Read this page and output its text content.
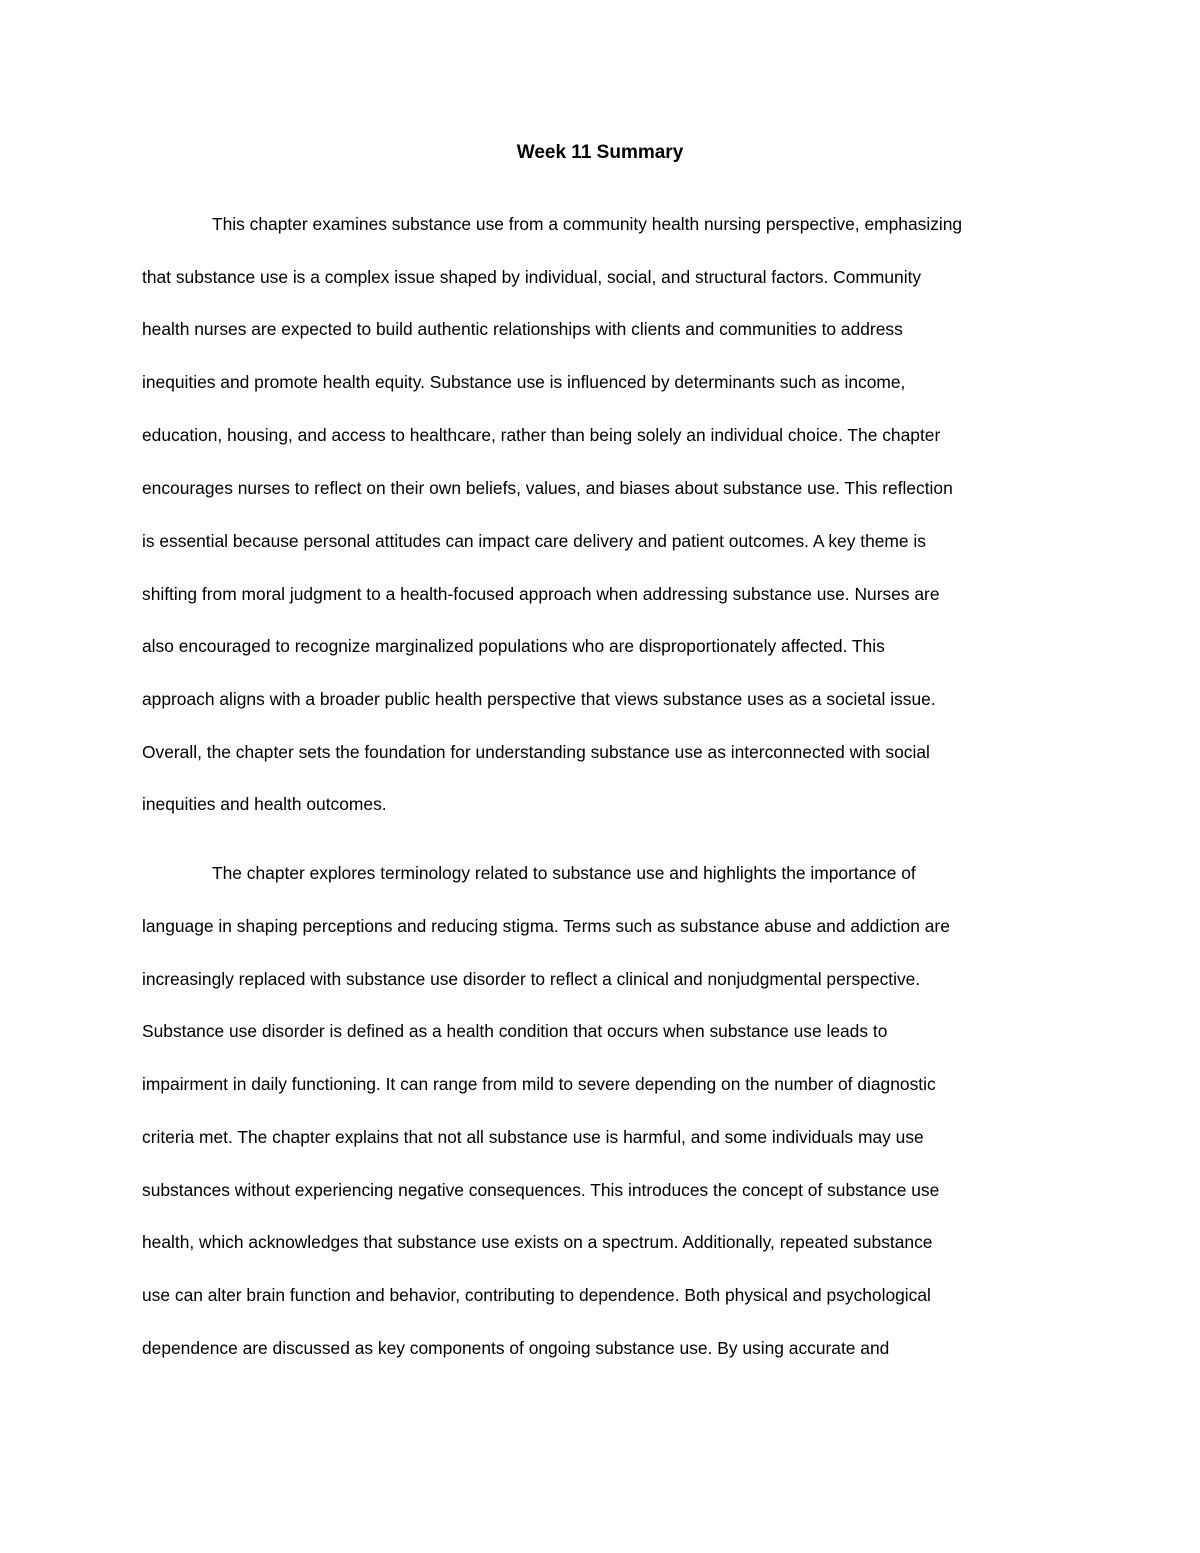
Week 11 Summary

This chapter examines substance use from a community health nursing perspective, emphasizing

that substance use is a complex issue shaped by individual, social, and structural factors. Community

health nurses are expected to build authentic relationships with clients and communities to address

inequities and promote health equity. Substance use is influenced by determinants such as income,

education, housing, and access to healthcare, rather than being solely an individual choice. The chapter

encourages nurses to reflect on their own beliefs, values, and biases about substance use. This reflection

is essential because personal attitudes can impact care delivery and patient outcomes. A key theme is

shifting from moral judgment to a health-focused approach when addressing substance use. Nurses are

also encouraged to recognize marginalized populations who are disproportionately affected. This

approach aligns with a broader public health perspective that views substance uses as a societal issue.

Overall, the chapter sets the foundation for understanding substance use as interconnected with social

inequities and health outcomes.

The chapter explores terminology related to substance use and highlights the importance of

language in shaping perceptions and reducing stigma. Terms such as substance abuse and addiction are

increasingly replaced with substance use disorder to reflect a clinical and nonjudgmental perspective.

Substance use disorder is defined as a health condition that occurs when substance use leads to

impairment in daily functioning. It can range from mild to severe depending on the number of diagnostic

criteria met. The chapter explains that not all substance use is harmful, and some individuals may use

substances without experiencing negative consequences. This introduces the concept of substance use

health, which acknowledges that substance use exists on a spectrum. Additionally, repeated substance

use can alter brain function and behavior, contributing to dependence. Both physical and psychological

dependence are discussed as key components of ongoing substance use. By using accurate and
